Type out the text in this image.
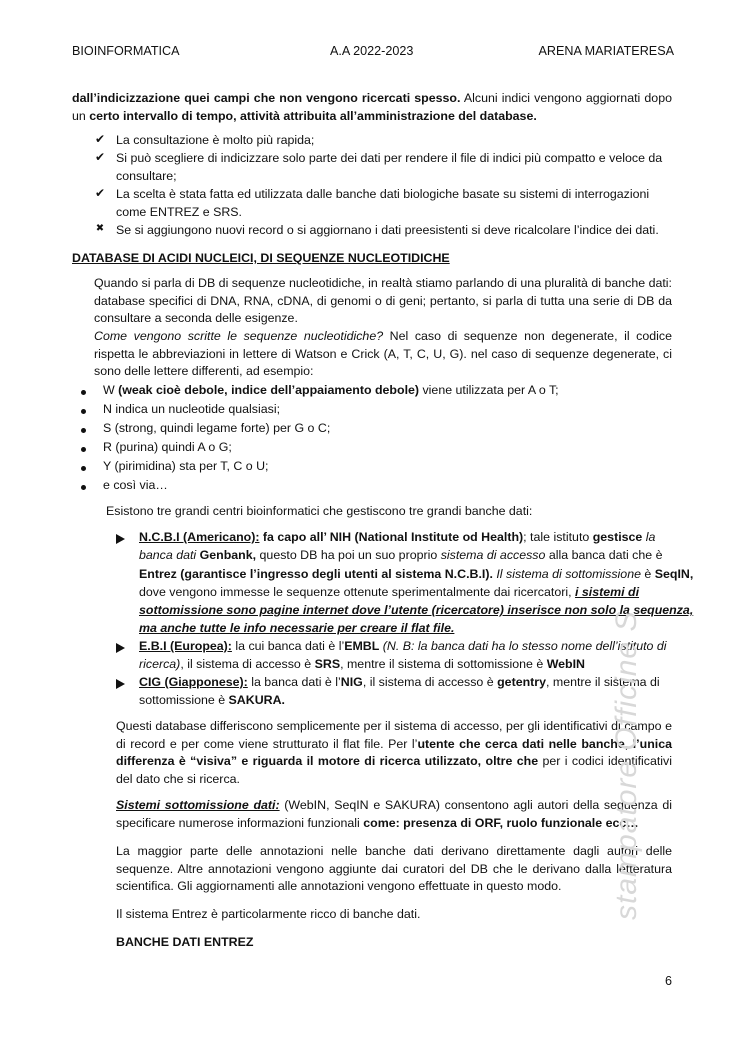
BIOINFORMATICA	A.A 2022-2023	ARENA MARIATERESA
dall’indicizzazione quei campi che non vengono ricercati spesso. Alcuni indici vengono aggiornati dopo un certo intervallo di tempo, attività attribuita all’amministrazione del database.
✔ La consultazione è molto più rapida;
✔ Si può scegliere di indicizzare solo parte dei dati per rendere il file di indici più compatto e veloce da
consultare;
✔ La scelta è stata fatta ed utilizzata dalle banche dati biologiche basate su sistemi di interrogazioni
come ENTREZ e SRS.
✖ Se si aggiungono nuovi record o si aggiornano i dati preesistenti si deve ricalcolare l’indice dei dati.
DATABASE DI ACIDI NUCLEICI, DI SEQUENZE NUCLEOTIDICHE
Quando si parla di DB di sequenze nucleotidiche, in realtà stiamo parlando di una pluralità di banche dati: database specifici di DNA, RNA, cDNA, di genomi o di geni; pertanto, si parla di tutta una serie di DB da consultare a seconda delle esigenze.
Come vengono scritte le sequenze nucleotidiche? Nel caso di sequenze non degenerate, il codice rispetta le abbreviazioni in lettere di Watson e Crick (A, T, C, U, G). nel caso di sequenze degenerate, ci sono delle lettere differenti, ad esempio:
W (weak cioè debole, indice dell’appaiamento debole) viene utilizzata per A o T;
N indica un nucleotide qualsiasi;
S (strong, quindi legame forte) per G o C;
R (purina) quindi A o G;
Y (pirimidina) sta per T, C o U;
e così via…
Esistono tre grandi centri bioinformatici che gestiscono tre grandi banche dati:
N.C.B.I (Americano): fa capo all’ NIH (National Institute od Health); tale istituto gestisce la
banca dati Genbank, questo DB ha poi un suo proprio sistema di accesso alla banca dati che è
Entrez (garantisce l’ingresso degli utenti al sistema N.C.B.I). Il sistema di sottomissione è SeqIN,
dove vengono immesse le sequenze ottenute sperimentalmente dai ricercatori, i sistemi di
sottomissione sono pagine internet dove l’utente (ricercatore) inserisce non solo la sequenza,
ma anche tutte le info necessarie per creare il flat file.
E.B.I (Europea): la cui banca dati è l’EMBL (N. B: la banca dati ha lo stesso nome dell’istituto di
ricerca), il sistema di accesso è SRS, mentre il sistema di sottomissione è WebIN
CIG (Giapponese): la banca dati è l’NIG, il sistema di accesso è getentry, mentre il sistema di
sottomissione è SAKURA.
Questi database differiscono semplicemente per il sistema di accesso, per gli identificativi di campo e di record e per come viene strutturato il flat file. Per l’utente che cerca dati nelle banche, l’unica differenza è “visiva” e riguarda il motore di ricerca utilizzato, oltre che per i codici identificativi del dato che si ricerca.
Sistemi sottomissione dati: (WebIN, SeqIN e SAKURA) consentono agli autori della sequenza di specificare numerose informazioni funzionali come: presenza di ORF, ruolo funzionale ecc…
La maggior parte delle annotazioni nelle banche dati derivano direttamente dagli autori delle sequenze. Altre annotazioni vengono aggiunte dai curatori del DB che le derivano dalla letteratura scientifica. Gli aggiornamenti alle annotazioni vengono effettuate in questo modo.
Il sistema Entrez è particolarmente ricco di banche dati.
BANCHE DATI ENTREZ
stampatore Officine S
6
